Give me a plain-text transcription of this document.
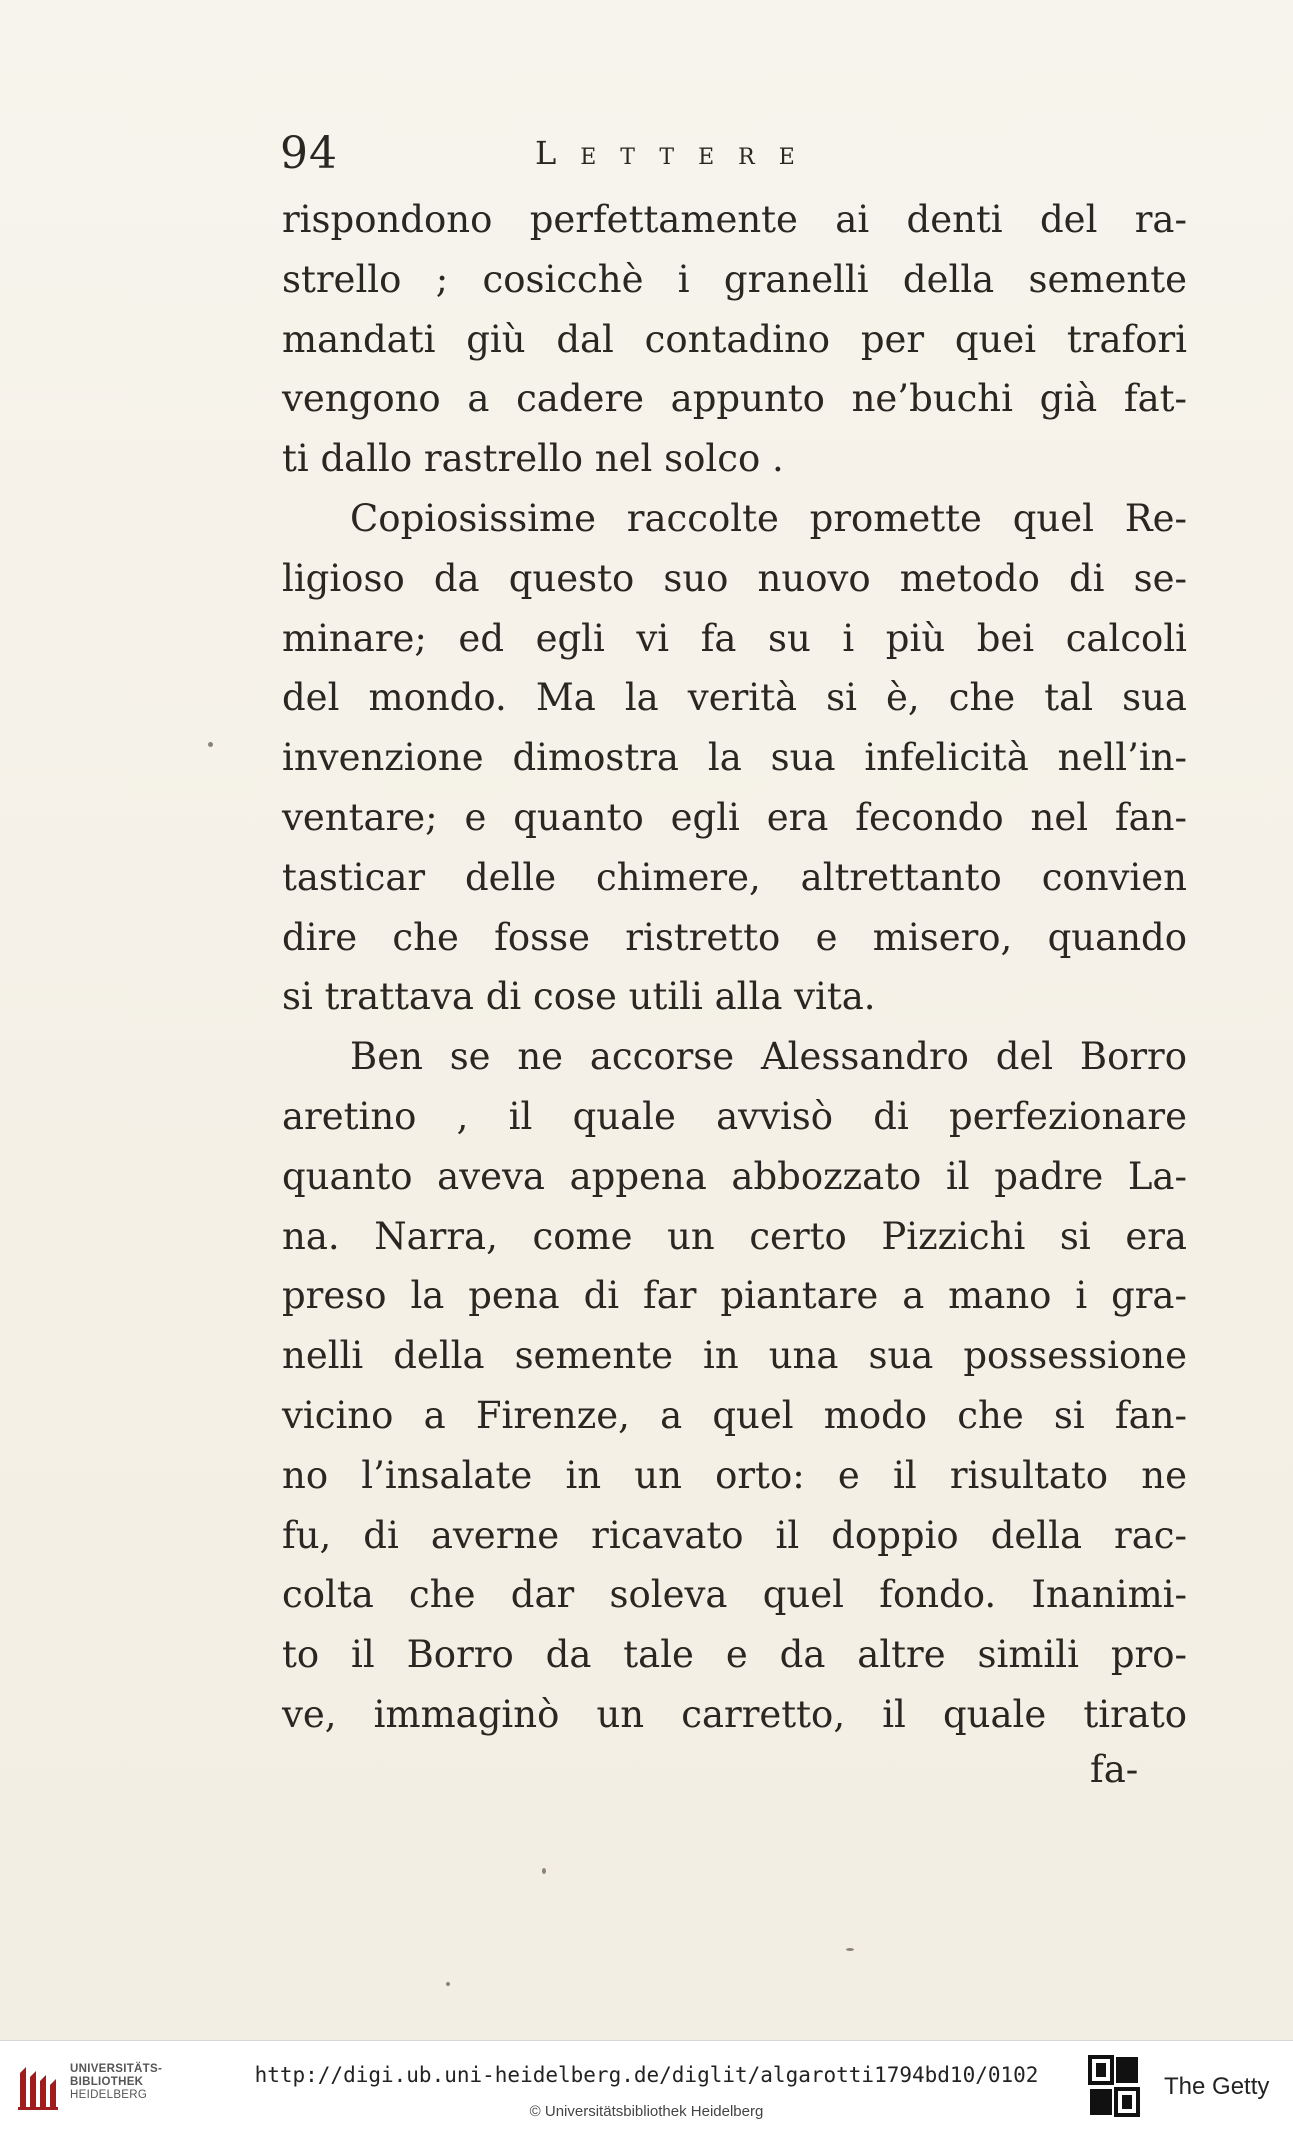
94	Lettere
rispondono perfettamente ai denti del ra-
strello ; cosicchè i granelli della semente
mandati giù dal contadino per quei trafori
vengono a cadere appunto ne’buchi già fat-
ti dallo rastrello nel solco .
Copiosissime raccolte promette quel Re-
ligioso da questo suo nuovo metodo di se-
minare; ed egli vi fa su i più bei calcoli
del mondo. Ma la verità si è, che tal sua
invenzione dimostra la sua infelicità nell’in-
ventare; e quanto egli era fecondo nel fan-
tasticar delle chimere, altrettanto convien
dire che fosse ristretto e misero, quando
si trattava di cose utili alla vita.
Ben se ne accorse Alessandro del Borro
aretino , il quale avvisò di perfezionare
quanto aveva appena abbozzato il padre La-
na. Narra, come un certo Pizzichi si era
preso la pena di far piantare a mano i gra-
nelli della semente in una sua possessione
vicino a Firenze, a quel modo che si fan-
no l’insalate in un orto: e il risultato ne
fu, di averne ricavato il doppio della rac-
colta che dar soleva quel fondo. Inanimi-
to il Borro da tale e da altre simili pro-
ve, immaginò un carretto, il quale tirato
fa-
UNIVERSITÄTS-
BIBLIOTHEK
HEIDELBERG
http://digi.ub.uni-heidelberg.de/diglit/algarotti1794bd10/0102
© Universitätsbibliothek Heidelberg
The Getty
